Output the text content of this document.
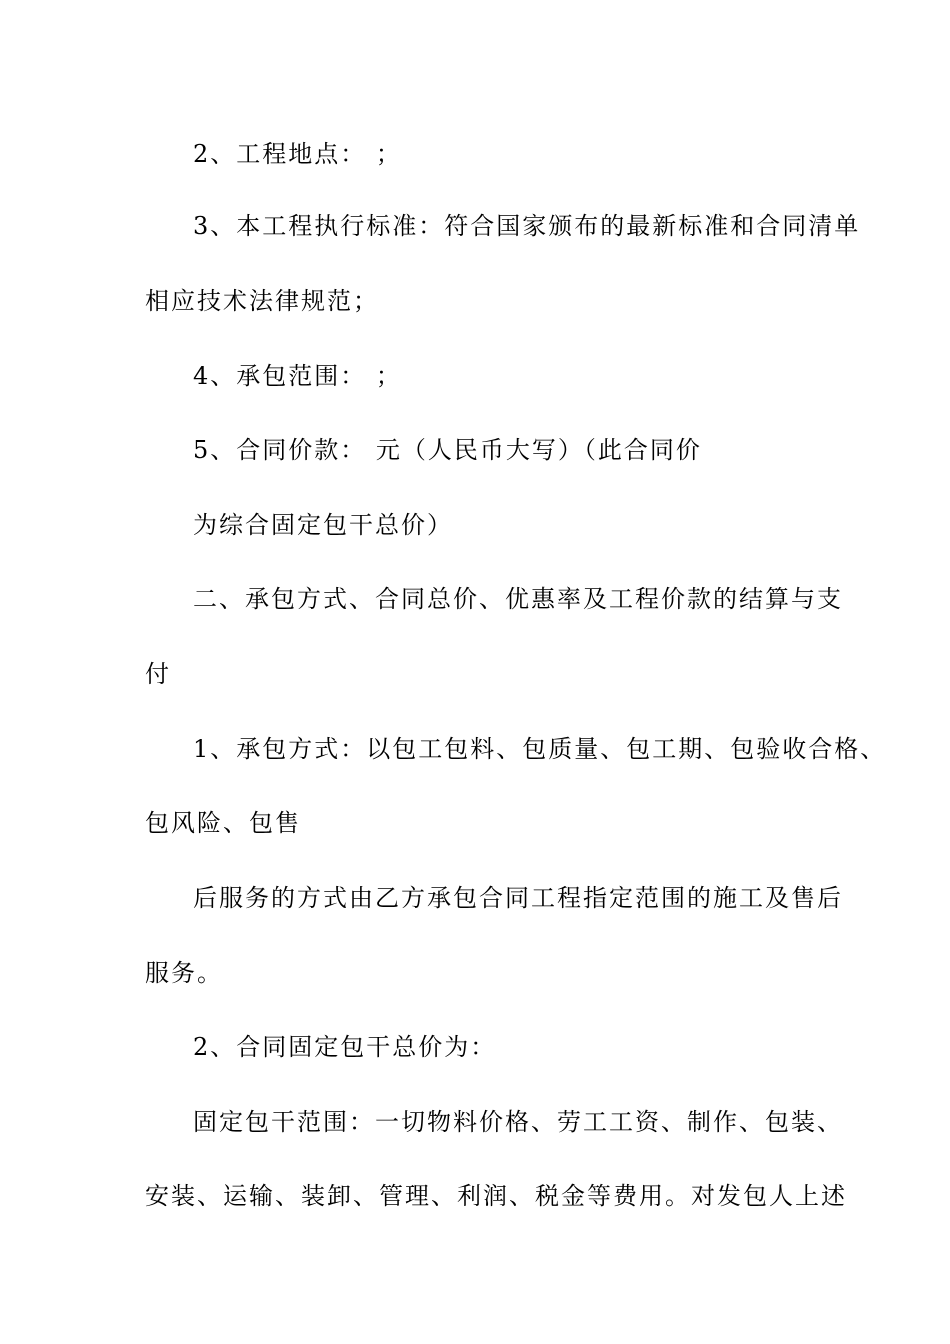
2、工程地点： ；
3、本工程执行标准：符合国家颁布的最新标准和合同清单
相应技术法律规范；
4、承包范围： ；
5、合同价款： 元（人民币大写）（此合同价
为综合固定包干总价）
二、承包方式、合同总价、优惠率及工程价款的结算与支
付
1、承包方式：以包工包料、包质量、包工期、包验收合格、
包风险、包售
后服务的方式由乙方承包合同工程指定范围的施工及售后
服务。
2、合同固定包干总价为：
固定包干范围：一切物料价格、劳工工资、制作、包装、
安装、运输、装卸、管理、利润、税金等费用。对发包人上述
